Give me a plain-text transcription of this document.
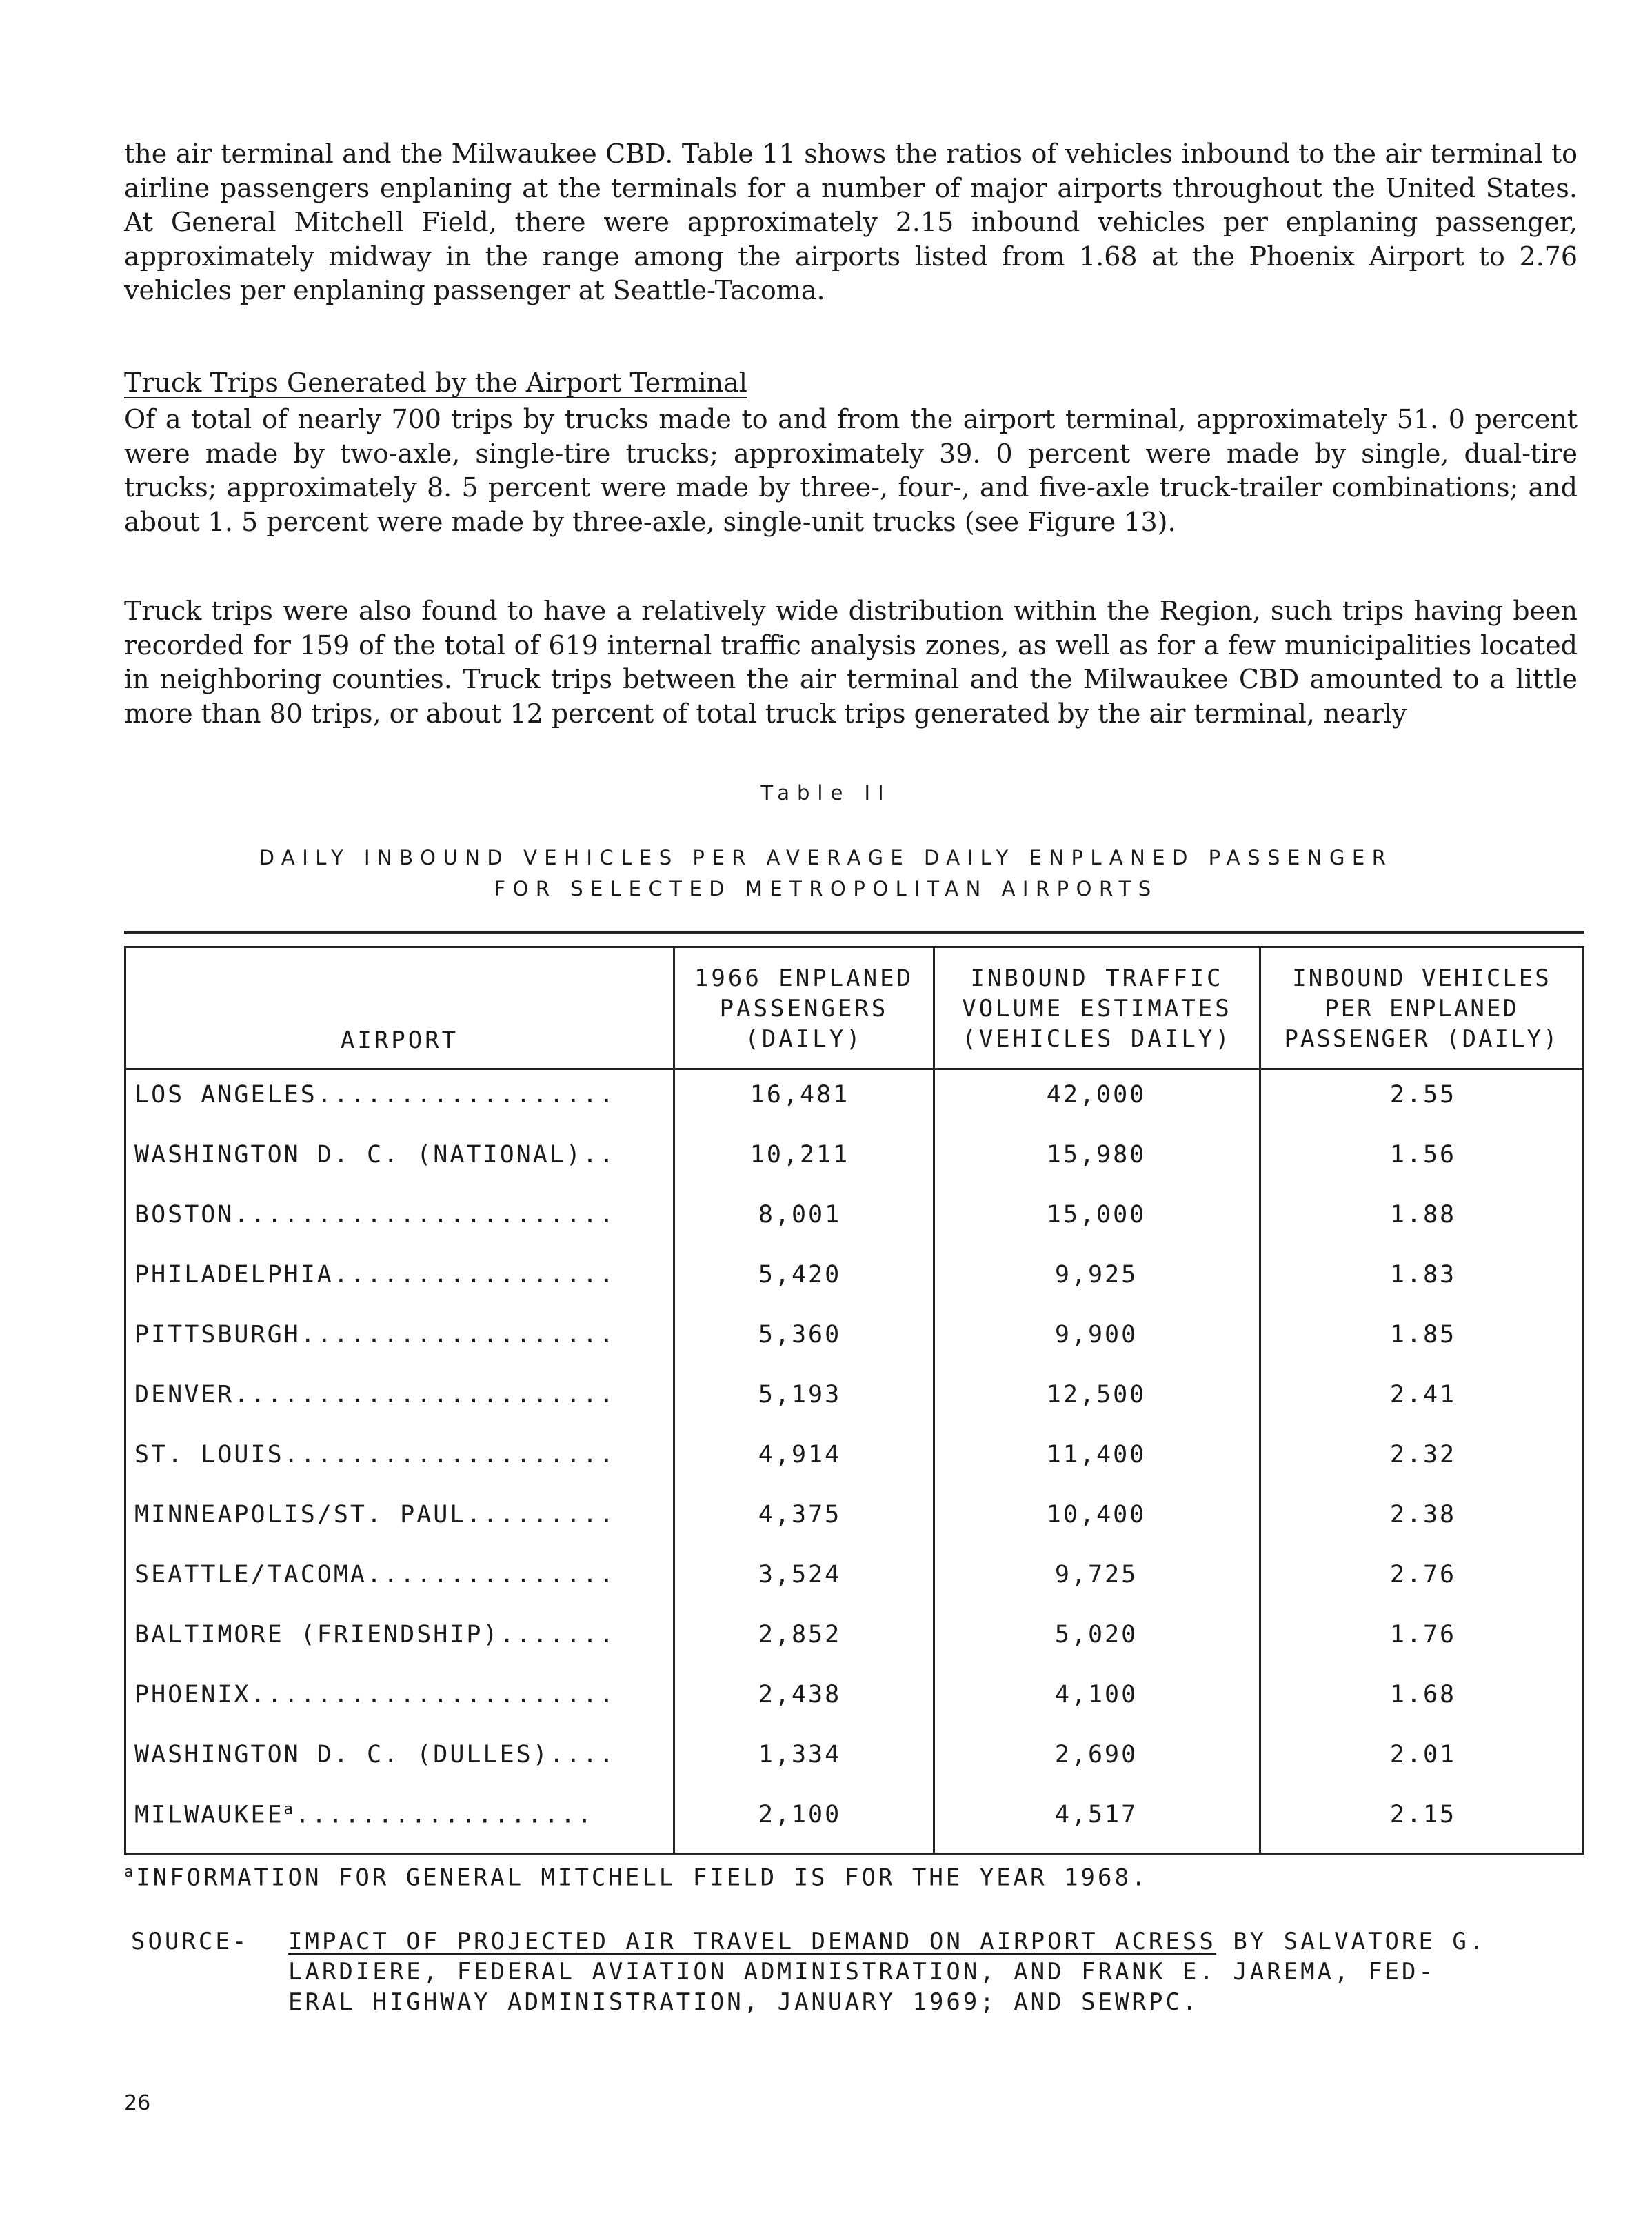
the air terminal and the Milwaukee CBD. Table 11 shows the ratios of vehicles inbound to the air terminal to airline passengers enplaning at the terminals for a number of major airports throughout the United States. At General Mitchell Field, there were approximately 2.15 inbound vehicles per enplaning passenger, approximately midway in the range among the airports listed from 1.68 at the Phoenix Airport to 2.76 vehicles per enplaning passenger at Seattle-Tacoma.

Truck Trips Generated by the Airport Terminal

Of a total of nearly 700 trips by trucks made to and from the airport terminal, approximately 51. 0 percent were made by two-axle, single-tire trucks; approximately 39. 0 percent were made by single, dual-tire trucks; approximately 8. 5 percent were made by three-, four-, and five-axle truck-trailer combinations; and about 1. 5 percent were made by three-axle, single-unit trucks (see Figure 13).

Truck trips were also found to have a relatively wide distribution within the Region, such trips having been recorded for 159 of the total of 619 internal traffic analysis zones, as well as for a few municipalities located in neighboring counties. Truck trips between the air terminal and the Milwaukee CBD amounted to a little more than 80 trips, or about 12 percent of total truck trips generated by the air terminal, nearly

Table II
DAILY INBOUND VEHICLES PER AVERAGE DAILY ENPLANED PASSENGER
FOR SELECTED METROPOLITAN AIRPORTS
AIRPORT
1966 ENPLANED
PASSENGERS
(DAILY)
INBOUND TRAFFIC
VOLUME ESTIMATES
(VEHICLES DAILY)
INBOUND VEHICLES
PER ENPLANED
PASSENGER (DAILY)
LOS ANGELES..................	16,481	42,000	2.55
WASHINGTON D. C. (NATIONAL)..	10,211	15,980	1.56
BOSTON.......................	8,001	15,000	1.88
PHILADELPHIA.................	5,420	9,925	1.83
PITTSBURGH...................	5,360	9,900	1.85
DENVER.......................	5,193	12,500	2.41
ST. LOUIS....................	4,914	11,400	2.32
MINNEAPOLIS/ST. PAUL.........	4,375	10,400	2.38
SEATTLE/TACOMA...............	3,524	9,725	2.76
BALTIMORE (FRIENDSHIP).......	2,852	5,020	1.76
PHOENIX......................	2,438	4,100	1.68
WASHINGTON D. C. (DULLES)....	1,334	2,690	2.01
MILWAUKEE$^a$..................	2,100	4,517	2.15
$^a$INFORMATION FOR GENERAL MITCHELL FIELD IS FOR THE YEAR 1968.
SOURCE- IMPACT OF PROJECTED AIR TRAVEL DEMAND ON AIRPORT ACRESS BY SALVATORE G.
LARDIERE, FEDERAL AVIATION ADMINISTRATION, AND FRANK E. JAREMA, FED-
ERAL HIGHWAY ADMINISTRATION, JANUARY 1969; AND SEWRPC.
26
